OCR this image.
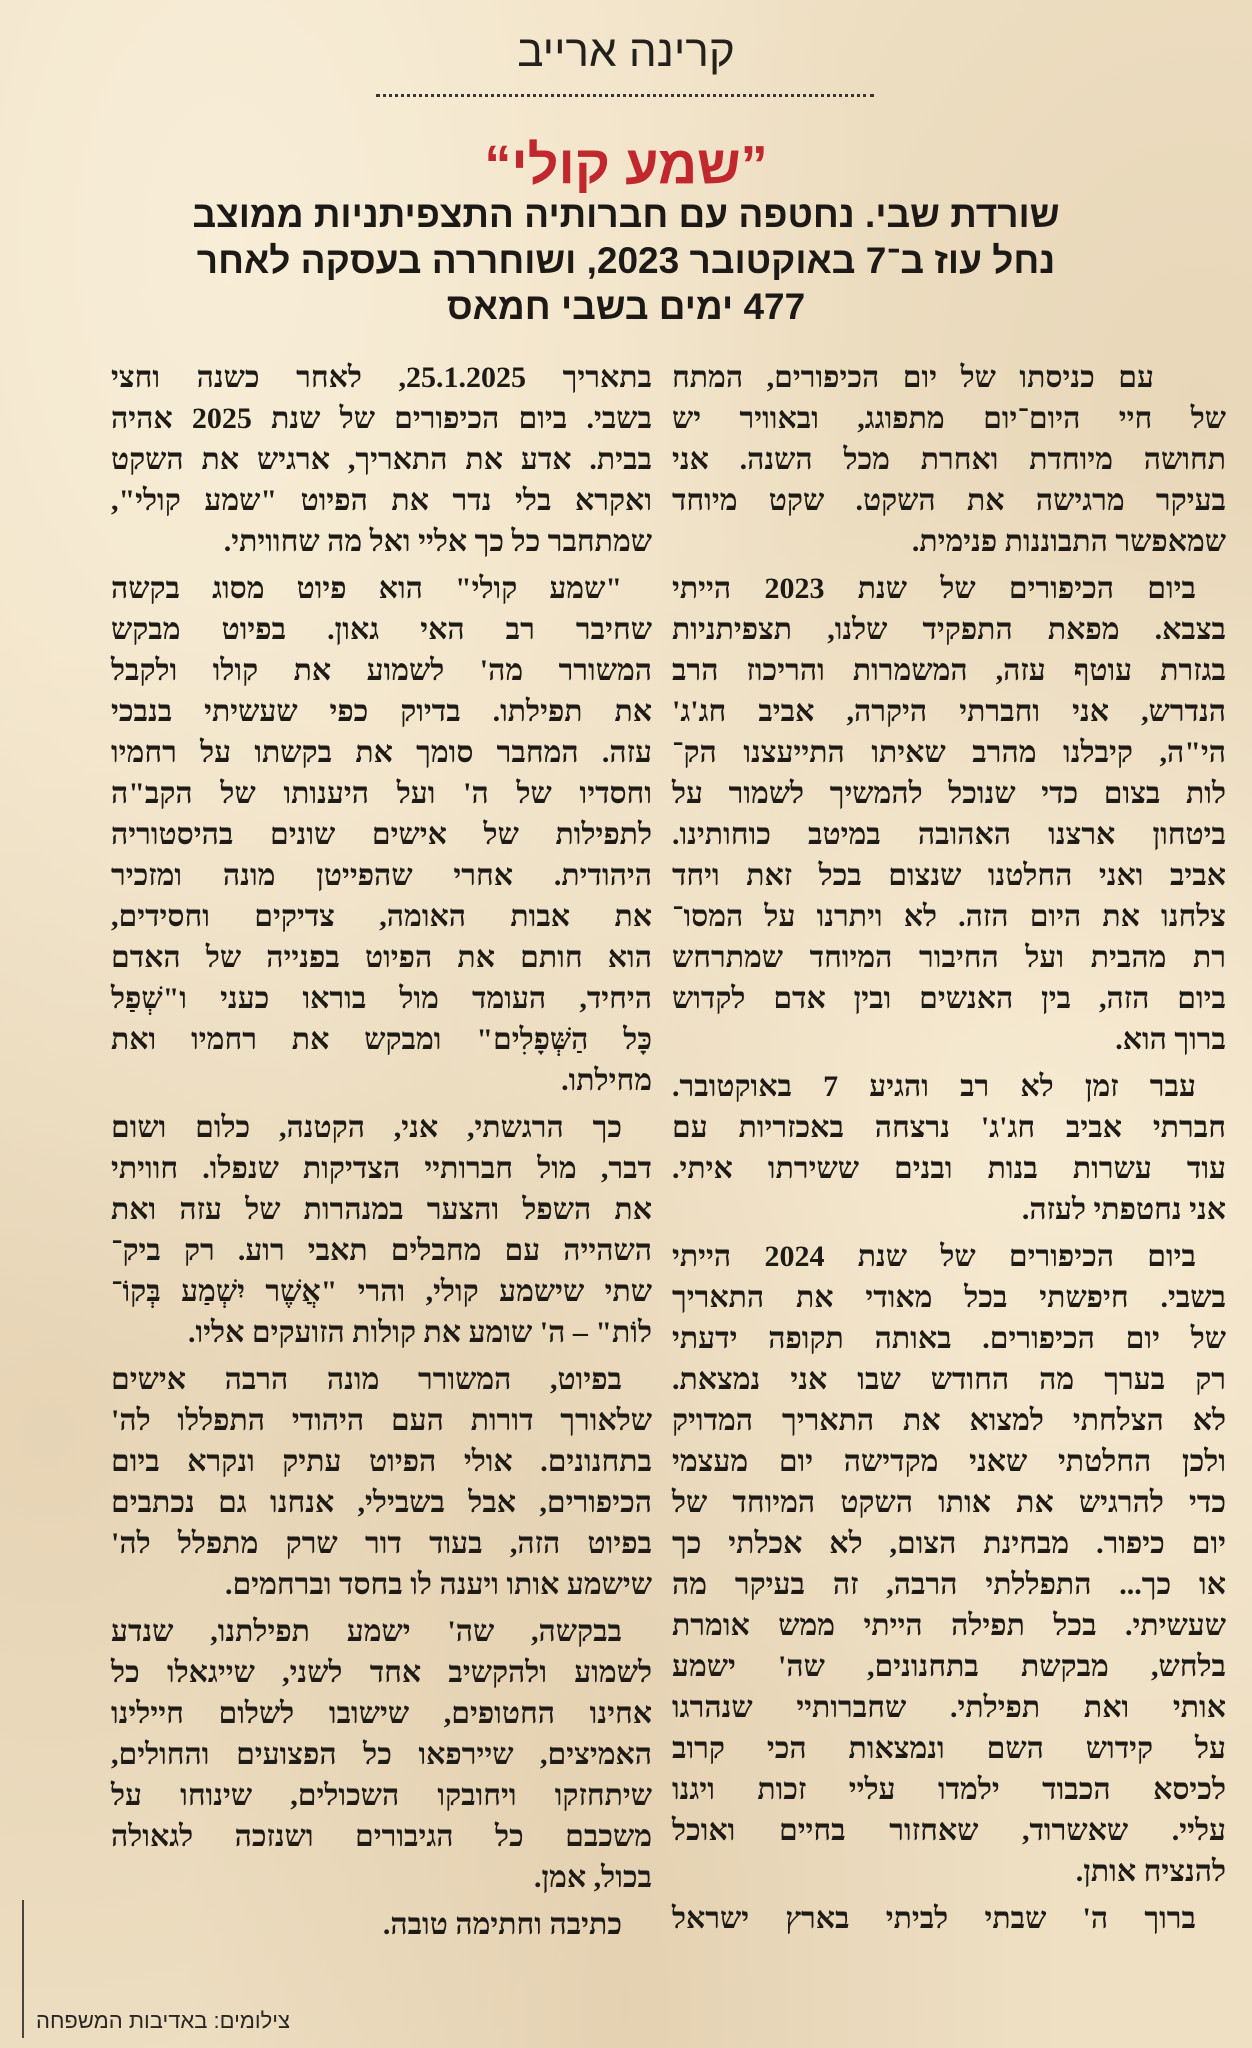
קרינה ארייב
”שמע קולי“
שורדת שבי. נחטפה עם חברותיה התצפיתניות ממוצב
נחל עוז ב־7 באוקטובר 2023, ושוחררה בעסקה לאחר
477 ימים בשבי חמאס
עם כניסתו של יום הכיפורים, המתח
של חיי היום־יום מתפוגג, ובאוויר יש
תחושה מיוחדת ואחרת מכל השנה. אני
בעיקר מרגישה את השקט. שקט מיוחד
שמאפשר התבוננות פנימית.
ביום הכיפורים של שנת 2023 הייתי
בצבא. מפאת התפקיד שלנו, תצפיתניות
בגזרת עוטף עזה, המשמרות והריכוז הרב
הנדרש, אני וחברתי היקרה, אביב חג'ג'
הי"ה, קיבלנו מהרב שאיתו התייעצנו הק־
לות בצום כדי שנוכל להמשיך לשמור על
ביטחון ארצנו האהובה במיטב כוחותינו.
אביב ואני החלטנו שנצום בכל זאת ויחד
צלחנו את היום הזה. לא ויתרנו על המסו־
רת מהבית ועל החיבור המיוחד שמתרחש
ביום הזה, בין האנשים ובין אדם לקדוש
ברוך הוא.
עבר זמן לא רב והגיע 7 באוקטובר.
חברתי אביב חג'ג' נרצחה באכזריות עם
עוד עשרות בנות ובנים ששירתו איתי.
אני נחטפתי לעזה.
ביום הכיפורים של שנת 2024 הייתי
בשבי. חיפשתי בכל מאודי את התאריך
של יום הכיפורים. באותה תקופה ידעתי
רק בערך מה החודש שבו אני נמצאת.
לא הצלחתי למצוא את התאריך המדויק
ולכן החלטתי שאני מקדישה יום מעצמי
כדי להרגיש את אותו השקט המיוחד של
יום כיפור. מבחינת הצום, לא אכלתי כך
או כך... התפללתי הרבה, זה בעיקר מה
שעשיתי. בכל תפילה הייתי ממש אומרת
בלחש, מבקשת בתחנונים, שה' ישמע
אותי ואת תפילתי. שחברותיי שנהרגו
על קידוש השם ונמצאות הכי קרוב
לכיסא הכבוד ילמדו עליי זכות ויגנו
עליי. שאשרוד, שאחזור בחיים ואוכל
להנציח אותן.
ברוך ה' שבתי לביתי בארץ ישראל
בתאריך 25.1.2025, לאחר כשנה וחצי
בשבי. ביום הכיפורים של שנת 2025 אהיה
בבית. אדע את התאריך, ארגיש את השקט
ואקרא בלי נדר את הפיוט "שמע קולי",
שמתחבר כל כך אליי ואל מה שחוויתי.
"שמע קולי" הוא פיוט מסוג בקשה
שחיבר רב האי גאון. בפיוט מבקש
המשורר מה' לשמוע את קולו ולקבל
את תפילתו. בדיוק כפי שעשיתי בנבכי
עזה. המחבר סומך את בקשתו על רחמיו
וחסדיו של ה' ועל היענותו של הקב"ה
לתפילות של אישים שונים בהיסטוריה
היהודית. אחרי שהפייטן מונה ומזכיר
את אבות האומה, צדיקים וחסידים,
הוא חותם את הפיוט בפנייה של האדם
היחיד, העומד מול בוראו כעני ו"שְׁפַל
כָּל הַשְּׁפָלִים" ומבקש את רחמיו ואת
מחילתו.
כך הרגשתי, אני, הקטנה, כלום ושום
דבר, מול חברותיי הצדיקות שנפלו. חוויתי
את השפל והצער במנהרות של עזה ואת
השהייה עם מחבלים תאבי רוע. רק ביק־
שתי שישמע קולי, והרי "אֲשֶׁר יִשְׁמַע בְּקוֹ־
לוֹת" – ה' שומע את קולות הזועקים אליו.
בפיוט, המשורר מונה הרבה אישים
שלאורך דורות העם היהודי התפללו לה'
בתחנונים. אולי הפיוט עתיק ונקרא ביום
הכיפורים, אבל בשבילי, אנחנו גם נכתבים
בפיוט הזה, בעוד דור שרק מתפלל לה'
שישמע אותו ויענה לו בחסד וברחמים.
בבקשה, שה' ישמע תפילתנו, שנדע
לשמוע ולהקשיב אחד לשני, שייגאלו כל
אחינו החטופים, שישובו לשלום חיילינו
האמיצים, שיירפאו כל הפצועים והחולים,
שיתחזקו ויחובקו השכולים, שינוחו על
משכבם כל הגיבורים ושנזכה לגאולה
בכול, אמן.
כתיבה וחתימה טובה.
צילומים: באדיבות המשפחה
